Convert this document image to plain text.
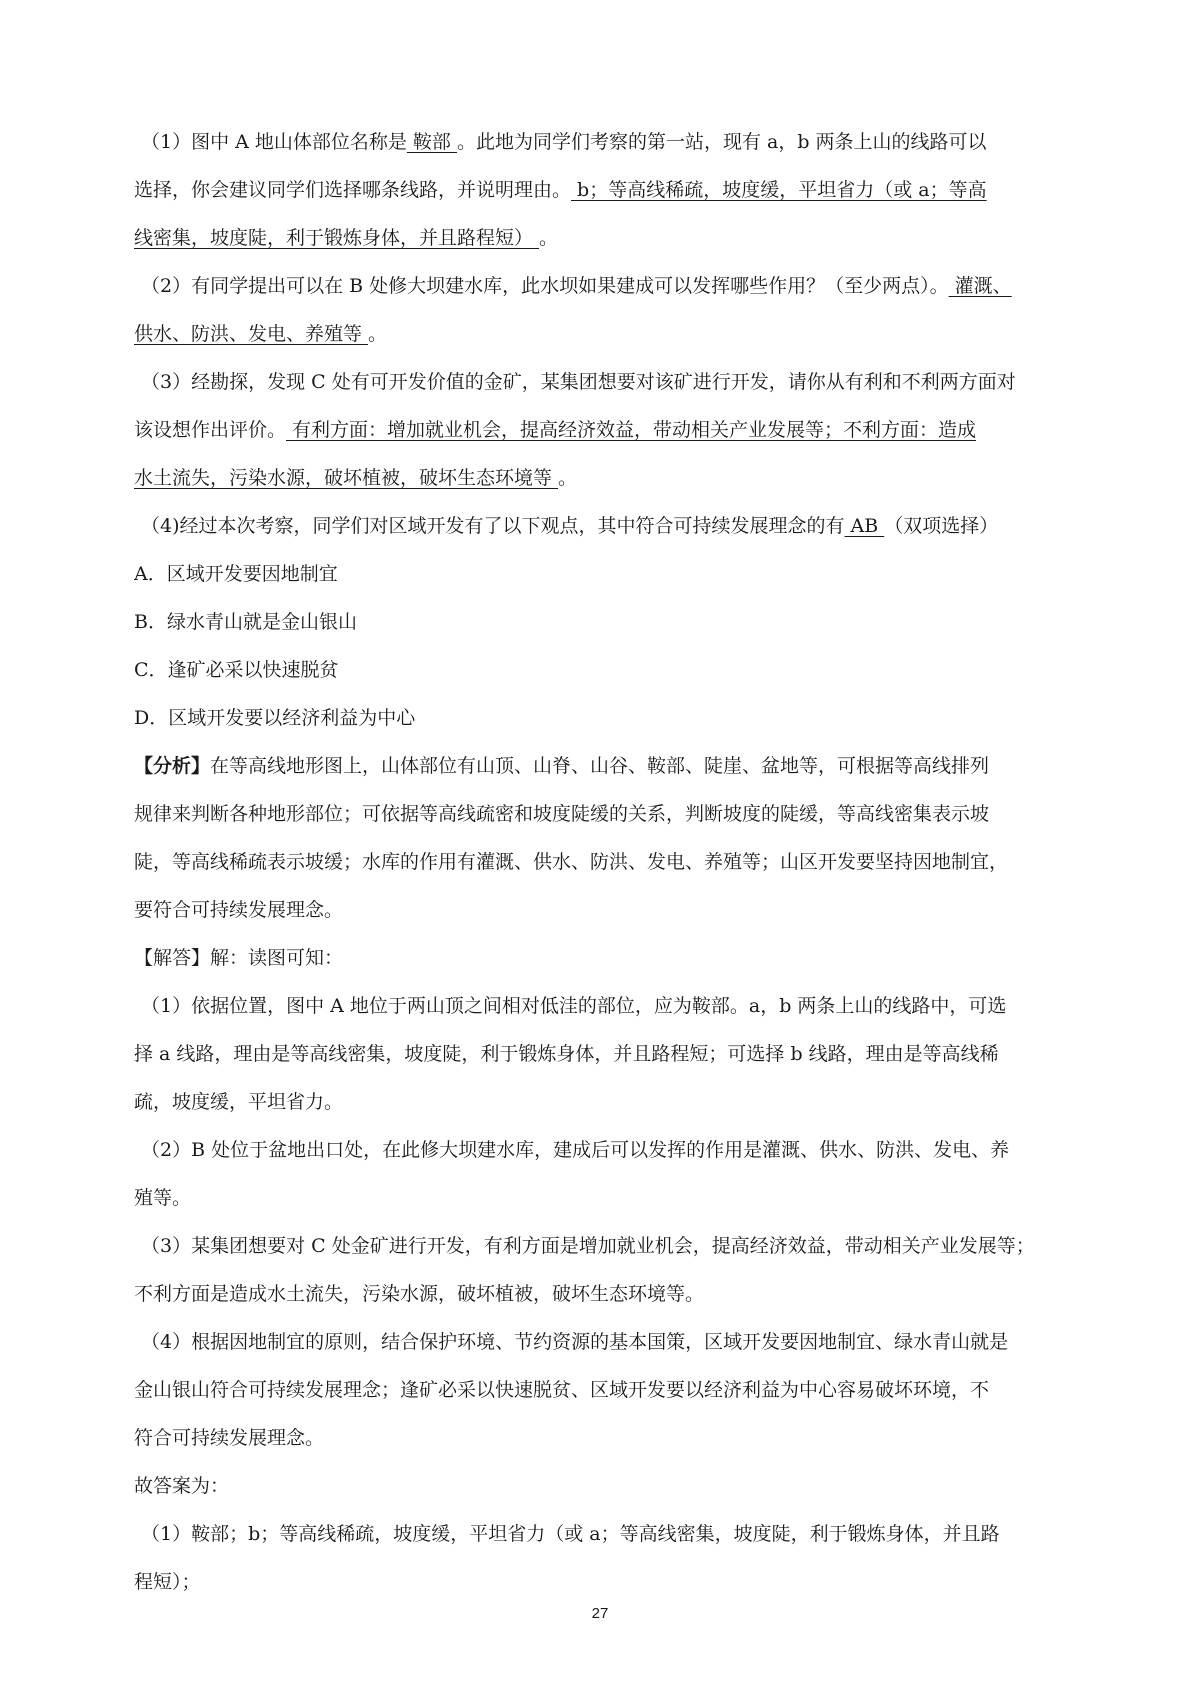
（1）图中 A 地山体部位名称是 鞍部 。此地为同学们考察的第一站，现有 a，b 两条上山的线路可以
选择，你会建议同学们选择哪条线路，并说明理由。 b；等高线稀疏，坡度缓，平坦省力（或 a；等高
线密集，坡度陡，利于锻炼身体，并且路程短） 。

（2）有同学提出可以在 B 处修大坝建水库，此水坝如果建成可以发挥哪些作用？（至少两点）。 灌溉、
供水、防洪、发电、养殖等 。

（3）经勘探，发现 C 处有可开发价值的金矿，某集团想要对该矿进行开发，请你从有利和不利两方面对
该设想作出评价。 有利方面：增加就业机会，提高经济效益，带动相关产业发展等；不利方面：造成
水土流失，污染水源，破坏植被，破坏生态环境等 。

（4)经过本次考察，同学们对区域开发有了以下观点，其中符合可持续发展理念的有 AB （双项选择）
A．区域开发要因地制宜
B．绿水青山就是金山银山
C．逢矿必采以快速脱贫
D．区域开发要以经济利益为中心

【分析】在等高线地形图上，山体部位有山顶、山脊、山谷、鞍部、陡崖、盆地等，可根据等高线排列
规律来判断各种地形部位；可依据等高线疏密和坡度陡缓的关系，判断坡度的陡缓，等高线密集表示坡
陡，等高线稀疏表示坡缓；水库的作用有灌溉、供水、防洪、发电、养殖等；山区开发要坚持因地制宜，
要符合可持续发展理念。

【解答】解：读图可知：
（1）依据位置，图中 A 地位于两山顶之间相对低洼的部位，应为鞍部。a，b 两条上山的线路中，可选
择 a 线路，理由是等高线密集，坡度陡，利于锻炼身体，并且路程短；可选择 b 线路，理由是等高线稀
疏，坡度缓，平坦省力。
（2）B 处位于盆地出口处，在此修大坝建水库，建成后可以发挥的作用是灌溉、供水、防洪、发电、养
殖等。
（3）某集团想要对 C 处金矿进行开发，有利方面是增加就业机会，提高经济效益，带动相关产业发展等；
不利方面是造成水土流失，污染水源，破坏植被，破坏生态环境等。
（4）根据因地制宜的原则，结合保护环境、节约资源的基本国策，区域开发要因地制宜、绿水青山就是
金山银山符合可持续发展理念；逢矿必采以快速脱贫、区域开发要以经济利益为中心容易破坏环境，不
符合可持续发展理念。
故答案为：
（1）鞍部；b；等高线稀疏，坡度缓，平坦省力（或 a；等高线密集，坡度陡，利于锻炼身体，并且路
程短）；

27
